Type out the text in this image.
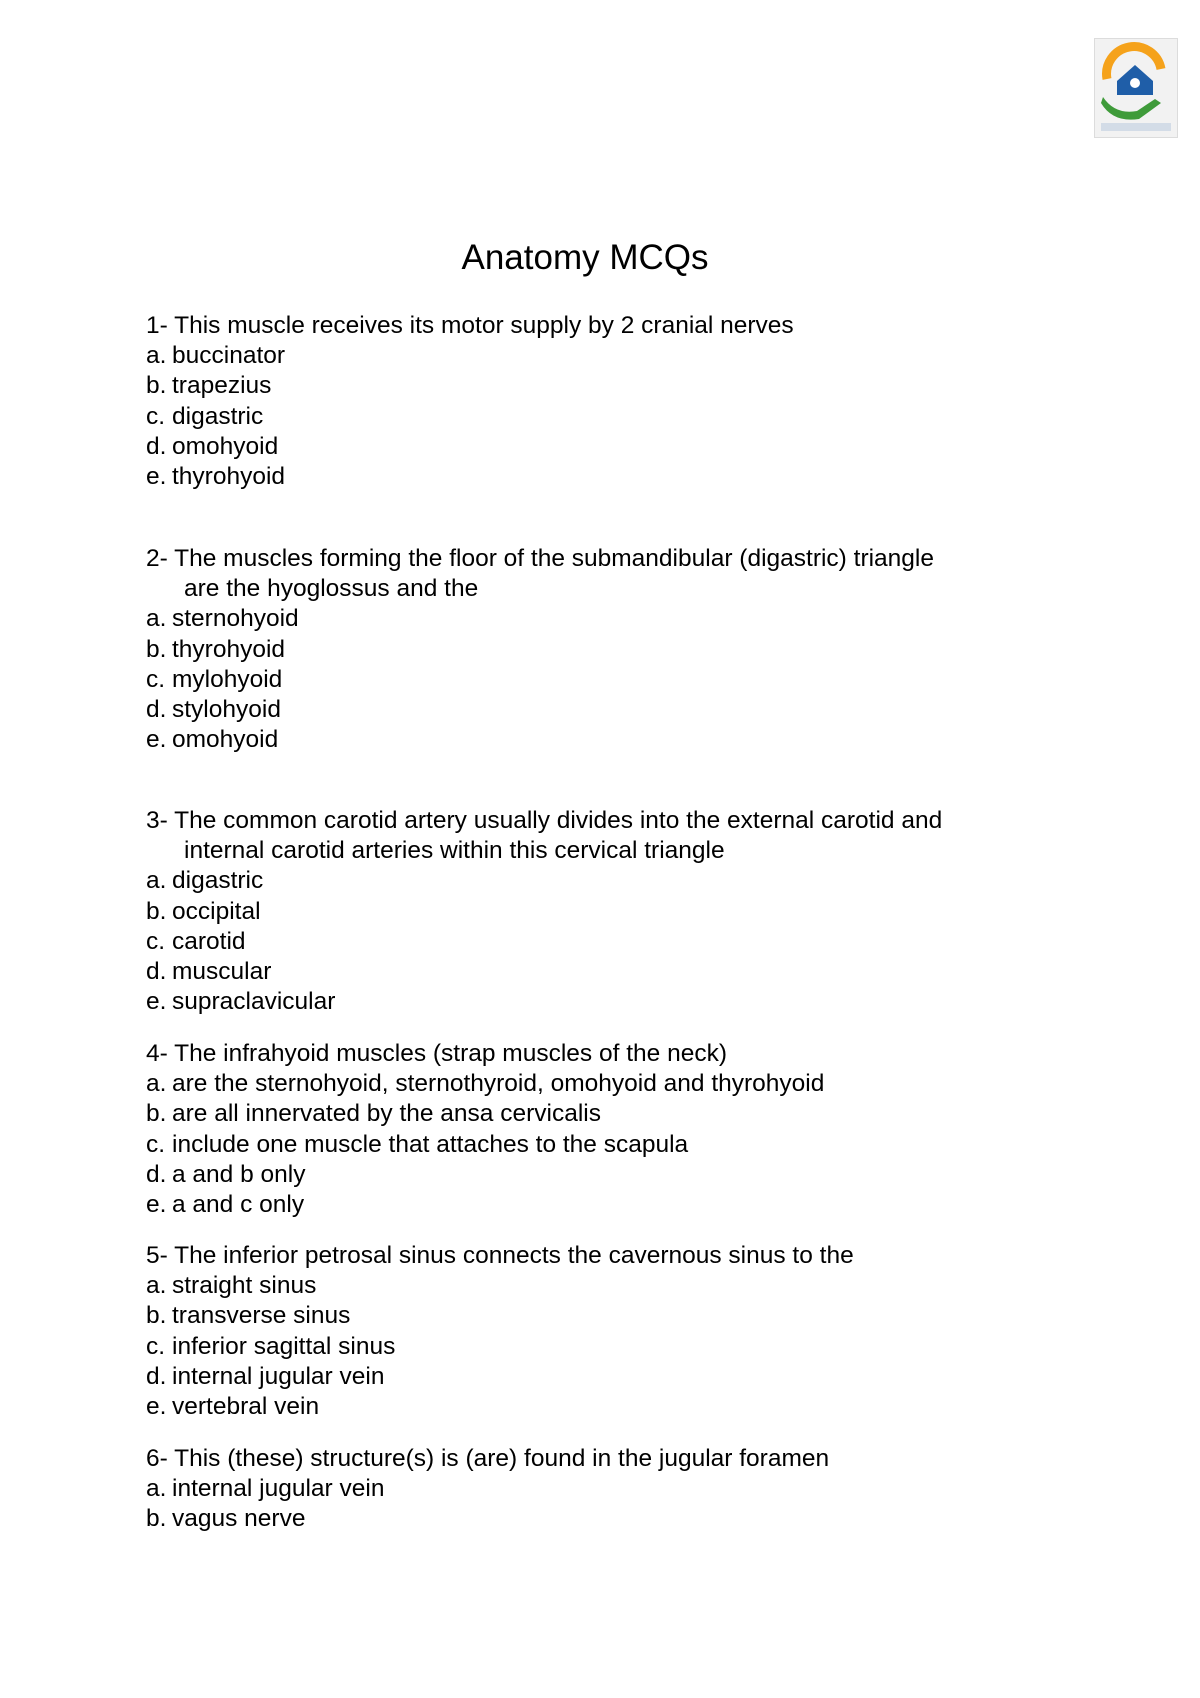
Anatomy MCQs

1- This muscle receives its motor supply by 2 cranial nerves

a. buccinator

b. trapezius

c. digastric

d. omohyoid

e. thyrohyoid

2- The muscles forming the floor of the submandibular (digastric) triangle

are the hyoglossus and the

a. sternohyoid

b. thyrohyoid

c. mylohyoid

d. stylohyoid

e. omohyoid

3- The common carotid artery usually divides into the external carotid and

internal carotid arteries within this cervical triangle

a. digastric

b. occipital

c. carotid

d. muscular

e. supraclavicular

4- The infrahyoid muscles (strap muscles of the neck)

a. are the sternohyoid, sternothyroid, omohyoid and thyrohyoid

b. are all innervated by the ansa cervicalis

c. include one muscle that attaches to the scapula

d. a and b only

e. a and c only

5- The inferior petrosal sinus connects the cavernous sinus to the

a. straight sinus

b. transverse sinus

c. inferior sagittal sinus

d. internal jugular vein

e. vertebral vein

6- This (these) structure(s) is (are) found in the jugular foramen

a. internal jugular vein

b. vagus nerve
